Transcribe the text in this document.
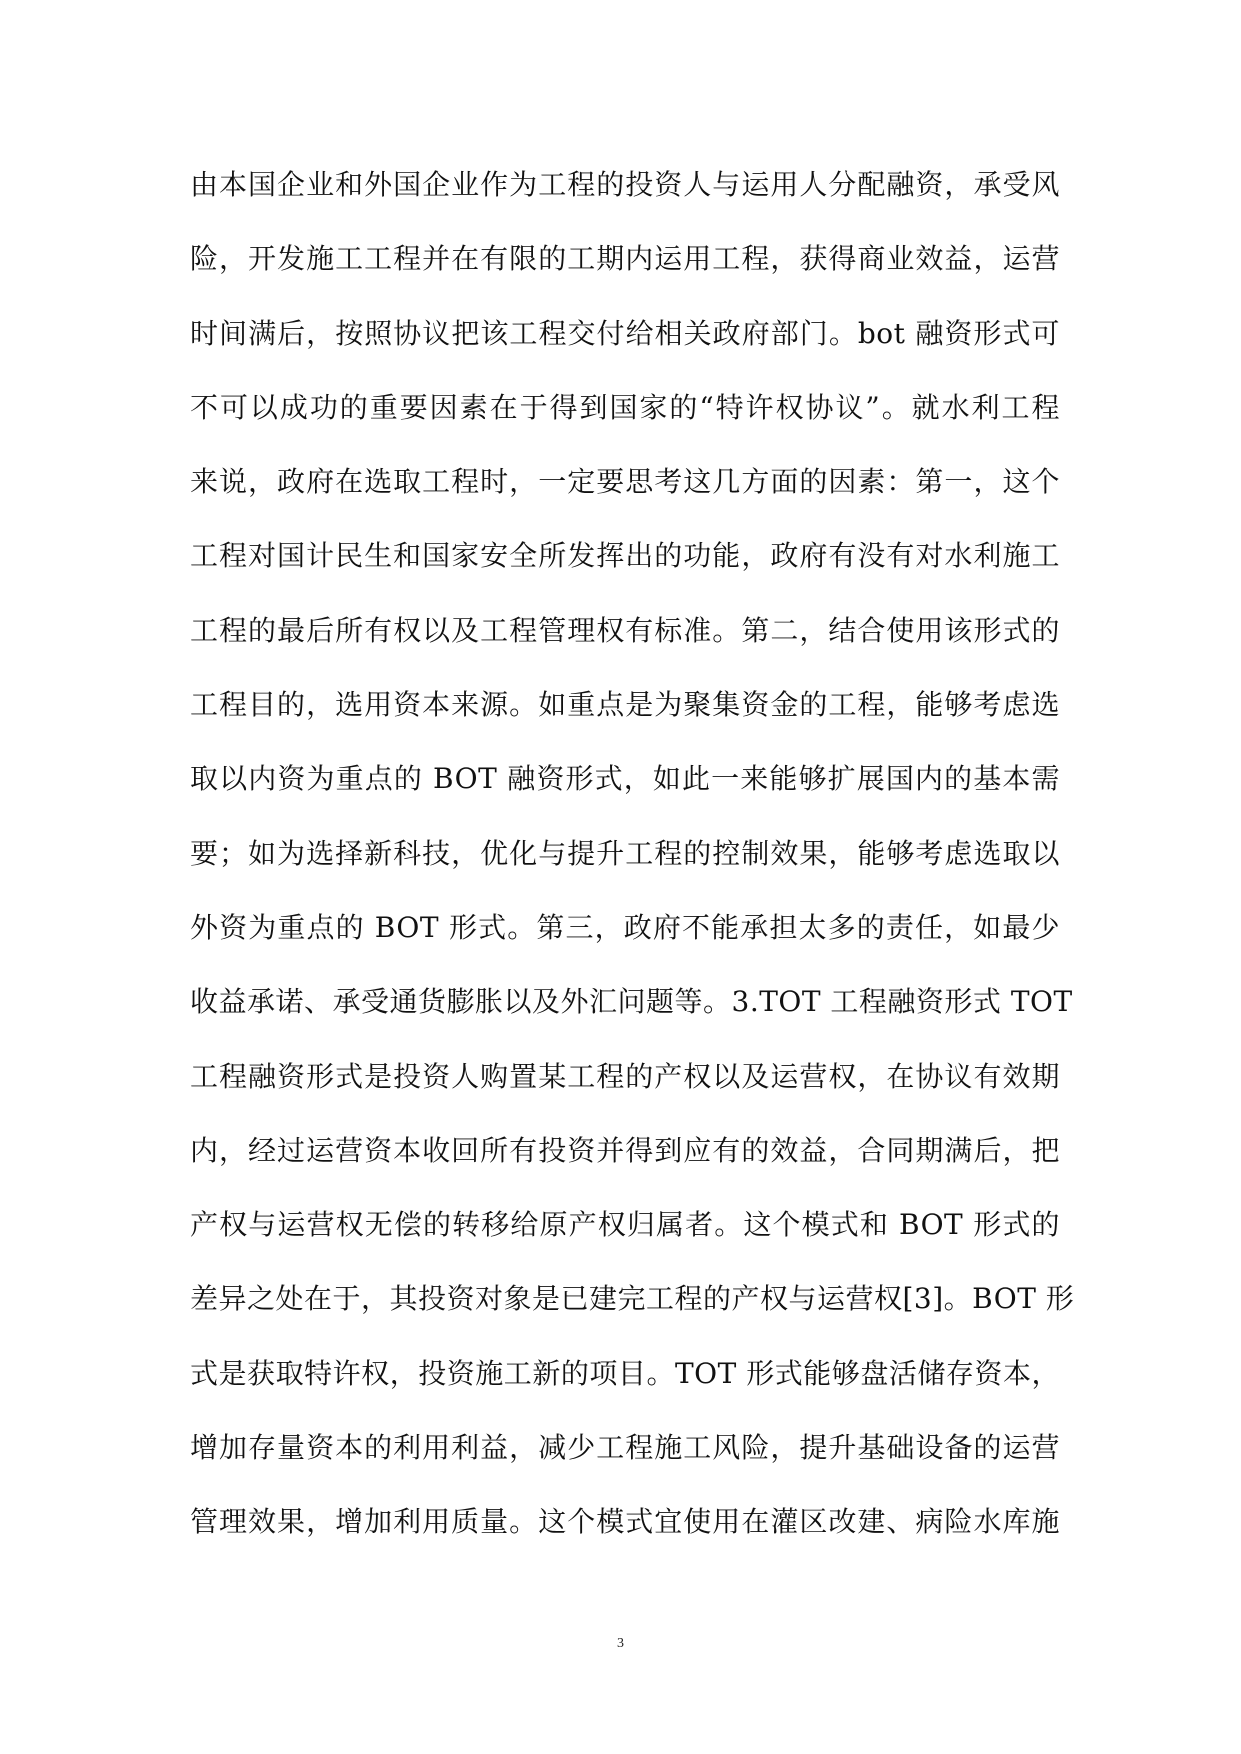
由本国企业和外国企业作为工程的投资人与运用人分配融资，承受风
险，开发施工工程并在有限的工期内运用工程，获得商业效益，运营
时间满后，按照协议把该工程交付给相关政府部门。bot 融资形式可
不可以成功的重要因素在于得到国家的“特许权协议”。就水利工程
来说，政府在选取工程时，一定要思考这几方面的因素：第一，这个
工程对国计民生和国家安全所发挥出的功能，政府有没有对水利施工
工程的最后所有权以及工程管理权有标准。第二，结合使用该形式的
工程目的，选用资本来源。如重点是为聚集资金的工程，能够考虑选
取以内资为重点的 BOT 融资形式，如此一来能够扩展国内的基本需
要；如为选择新科技，优化与提升工程的控制效果，能够考虑选取以
外资为重点的 BOT 形式。第三，政府不能承担太多的责任，如最少
收益承诺、承受通货膨胀以及外汇问题等。3.TOT 工程融资形式 TOT
工程融资形式是投资人购置某工程的产权以及运营权，在协议有效期
内，经过运营资本收回所有投资并得到应有的效益，合同期满后，把
产权与运营权无偿的转移给原产权归属者。这个模式和 BOT 形式的
差异之处在于，其投资对象是已建完工程的产权与运营权[3]。BOT 形
式是获取特许权，投资施工新的项目。TOT 形式能够盘活储存资本，
增加存量资本的利用利益，减少工程施工风险，提升基础设备的运营
管理效果，增加利用质量。这个模式宜使用在灌区改建、病险水库施
3
